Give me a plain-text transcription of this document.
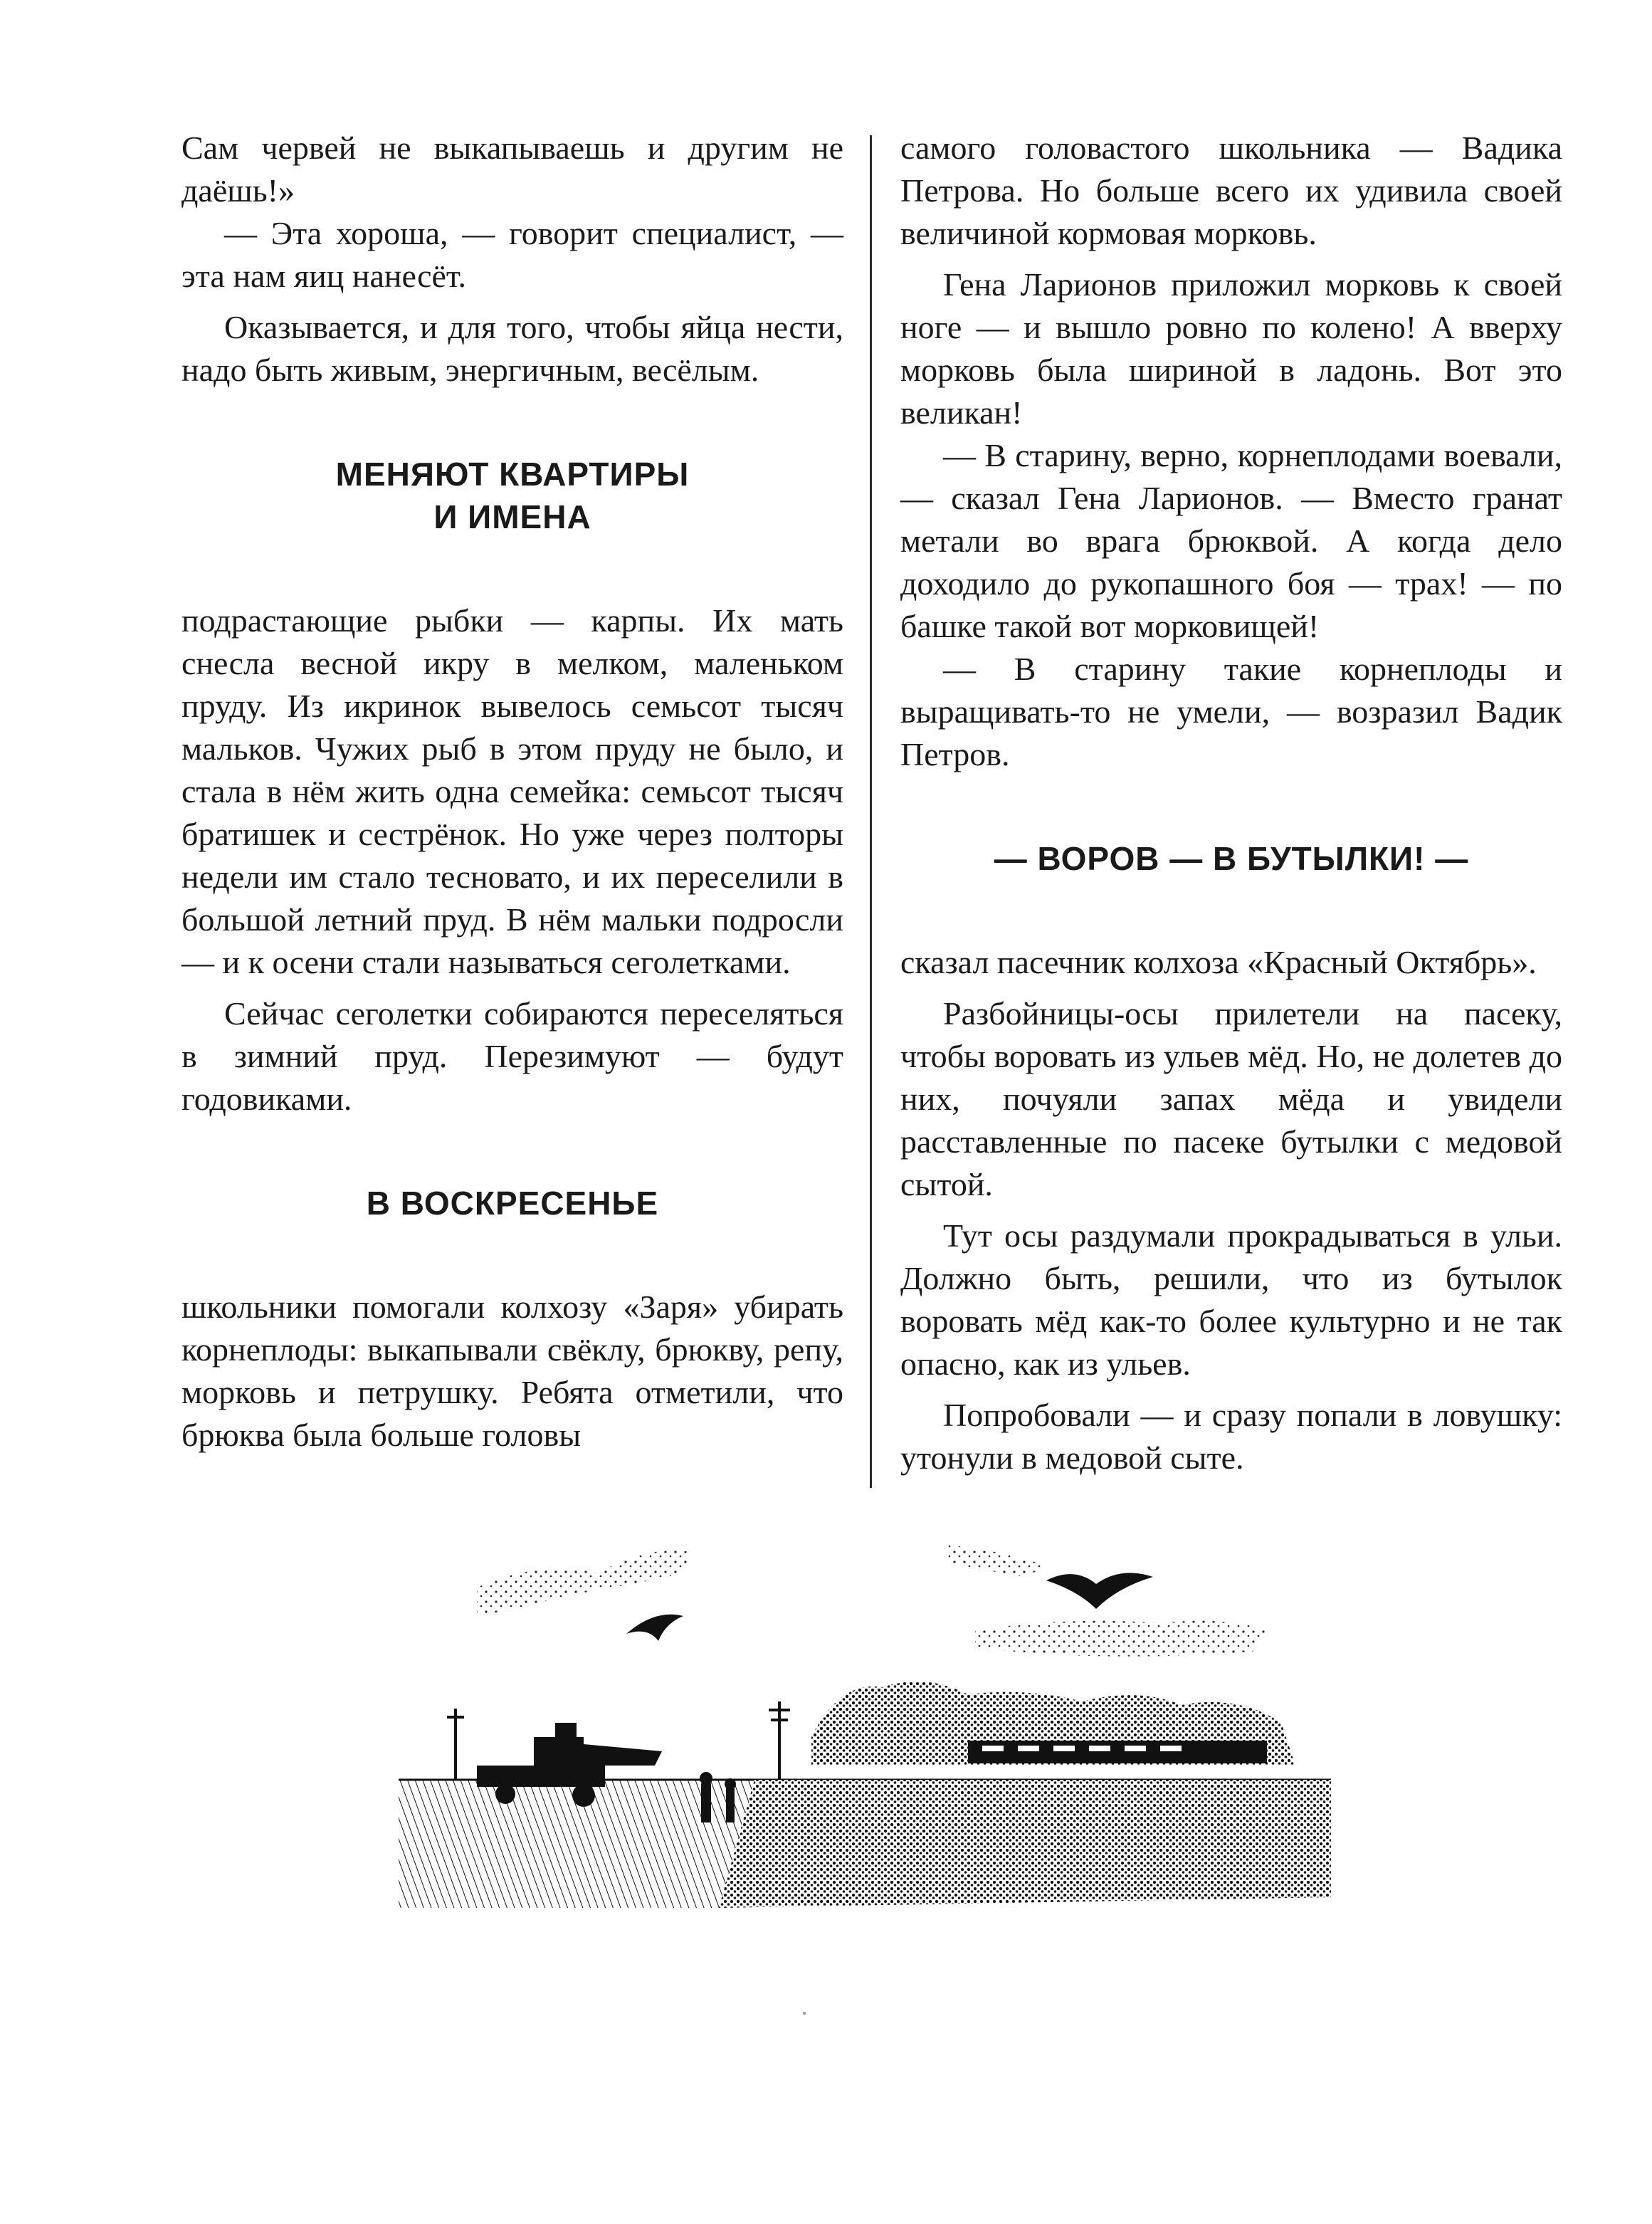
Сам червей не выкапываешь и другим не даёшь!»

— Эта хороша, — говорит специалист, — эта нам яиц нанесёт.

Оказывается, и для того, чтобы яйца нести, надо быть живым, энергичным, весёлым.

МЕНЯЮТ КВАРТИРЫ
И ИМЕНА

подрастающие рыбки — карпы. Их мать снесла весной икру в мелком, маленьком пруду. Из икринок вывелось семьсот тысяч мальков. Чужих рыб в этом пруду не было, и стала в нём жить одна семейка: семьсот тысяч братишек и сестрёнок. Но уже через полторы недели им стало тесновато, и их переселили в большой летний пруд. В нём мальки подросли — и к осени стали называться сеголетками.

Сейчас сеголетки собираются переселяться в зимний пруд. Перезимуют — будут годовиками.

В ВОСКРЕСЕНЬЕ

школьники помогали колхозу «Заря» убирать корнеплоды: выкапывали свёклу, брюкву, репу, морковь и петрушку. Ребята отметили, что брюква была больше головы

самого головастого школьника — Вадика Петрова. Но больше всего их удивила своей величиной кормовая морковь.

Гена Ларионов приложил морковь к своей ноге — и вышло ровно по колено! А вверху морковь была шириной в ладонь. Вот это великан!

— В старину, верно, корнеплодами воевали, — сказал Гена Ларионов. — Вместо гранат метали во врага брюквой. А когда дело доходило до рукопашного боя — трах! — по башке такой вот морковищей!

— В старину такие корнеплоды и выращивать-то не умели, — возразил Вадик Петров.

— ВОРОВ — В БУТЫЛКИ! —

сказал пасечник колхоза «Красный Октябрь».

Разбойницы-осы прилетели на пасеку, чтобы воровать из ульев мёд. Но, не долетев до них, почуяли запах мёда и увидели расставленные по пасеке бутылки с медовой сытой.

Тут осы раздумали прокрадываться в ульи. Должно быть, решили, что из бутылок воровать мёд как-то более культурно и не так опасно, как из ульев.

Попробовали — и сразу попали в ловушку: утонули в медовой сыте.
